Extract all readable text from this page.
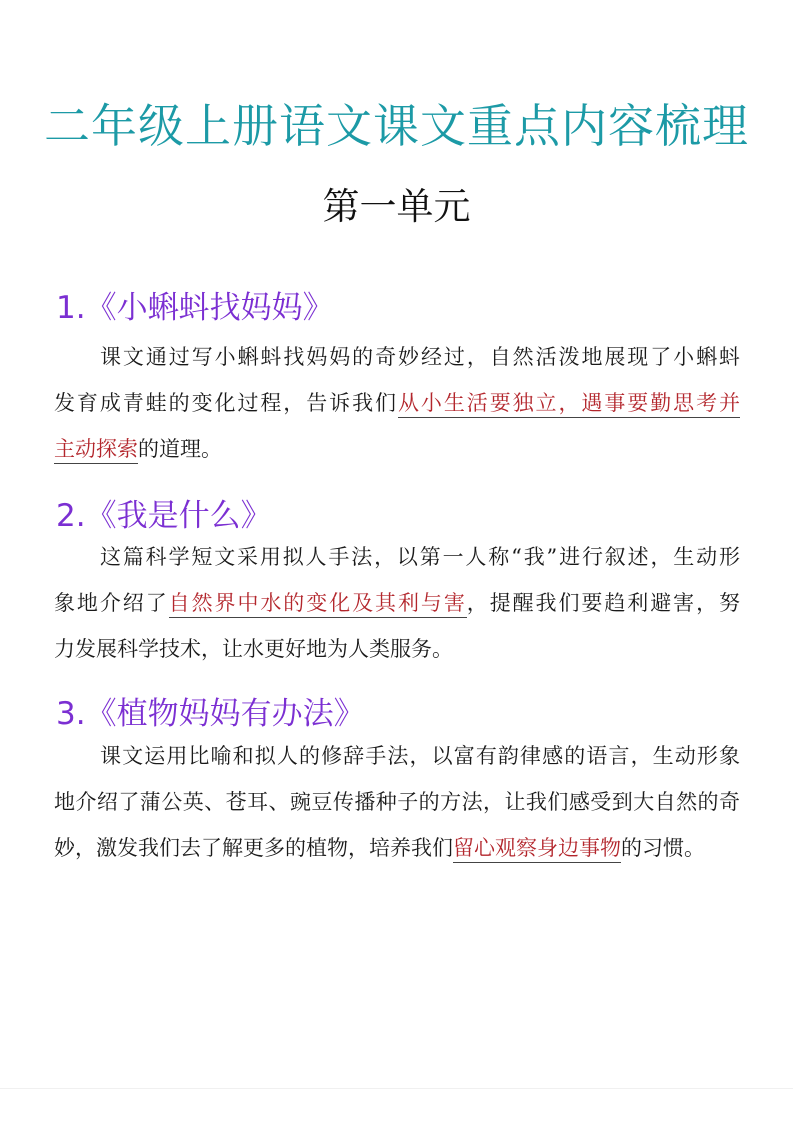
二年级上册语文课文重点内容梳理
第一单元
1.《小蝌蚪找妈妈》
课文通过写小蝌蚪找妈妈的奇妙经过，自然活泼地展现了小蝌蚪
发育成青蛙的变化过程，告诉我们从小生活要独立，遇事要勤思考并
主动探索的道理。
2.《我是什么》
这篇科学短文采用拟人手法，以第一人称“我”进行叙述，生动形
象地介绍了自然界中水的变化及其利与害，提醒我们要趋利避害，努
力发展科学技术，让水更好地为人类服务。
3.《植物妈妈有办法》
课文运用比喻和拟人的修辞手法，以富有韵律感的语言，生动形象
地介绍了蒲公英、苍耳、豌豆传播种子的方法，让我们感受到大自然的奇
妙，激发我们去了解更多的植物，培养我们留心观察身边事物的习惯。
